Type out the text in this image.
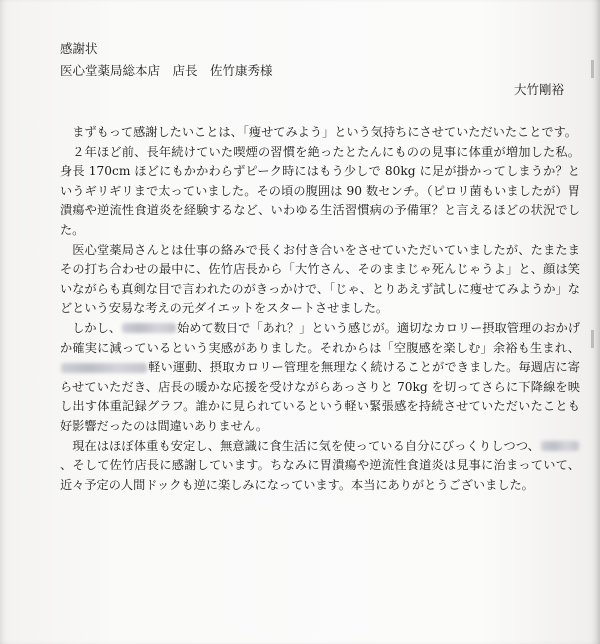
感謝状
医心堂薬局総本店　店長　佐竹康秀様
大竹剛裕

まずもって感謝したいことは、「痩せてみよう」という気持ちにさせていただいたことです。

２年ほど前、長年続けていた喫煙の習慣を絶ったとたんにものの見事に体重が増加した私。身長 170cm ほどにもかかわらずピーク時にはもう少しで 80kg に足が掛かってしまうか？というギリギリまで太っていました。その頃の腹囲は 90 数センチ。（ピロリ菌もいましたが）胃潰瘍や逆流性食道炎を経験するなど、いわゆる生活習慣病の予備軍？と言えるほどの状況でした。

医心堂薬局さんとは仕事の絡みで長くお付き合いをさせていただいていましたが、たまたまその打ち合わせの最中に、佐竹店長から「大竹さん、そのままじゃ死んじゃうよ」と、顔は笑いながらも真剣な目で言われたのがきっかけで、「じゃ、とりあえず試しに痩せてみようか」などという安易な考えの元ダイエットをスタートさせました。

しかし、	始めて数日で「あれ？」という感じが。適切なカロリー摂取管理のおかげか確実に減っているという実感がありました。それからは「空腹感を楽しむ」余裕も生まれ、軽い運動、摂取カロリー管理を無理なく続けることができました。毎週店に寄らせていただき、店長の暖かな応援を受けながらあっさりと 70kg を切ってさらに下降線を映し出す体重記録グラフ。誰かに見られているという軽い緊張感を持続させていただいたことも好影響だったのは間違いありません。

現在はほぼ体重も安定し、無意識に食生活に気を使っている自分にびっくりしつつ、、そして佐竹店長に感謝しています。ちなみに胃潰瘍や逆流性食道炎は見事に治まっていて、近々予定の人間ドックも逆に楽しみになっています。本当にありがとうございました。
